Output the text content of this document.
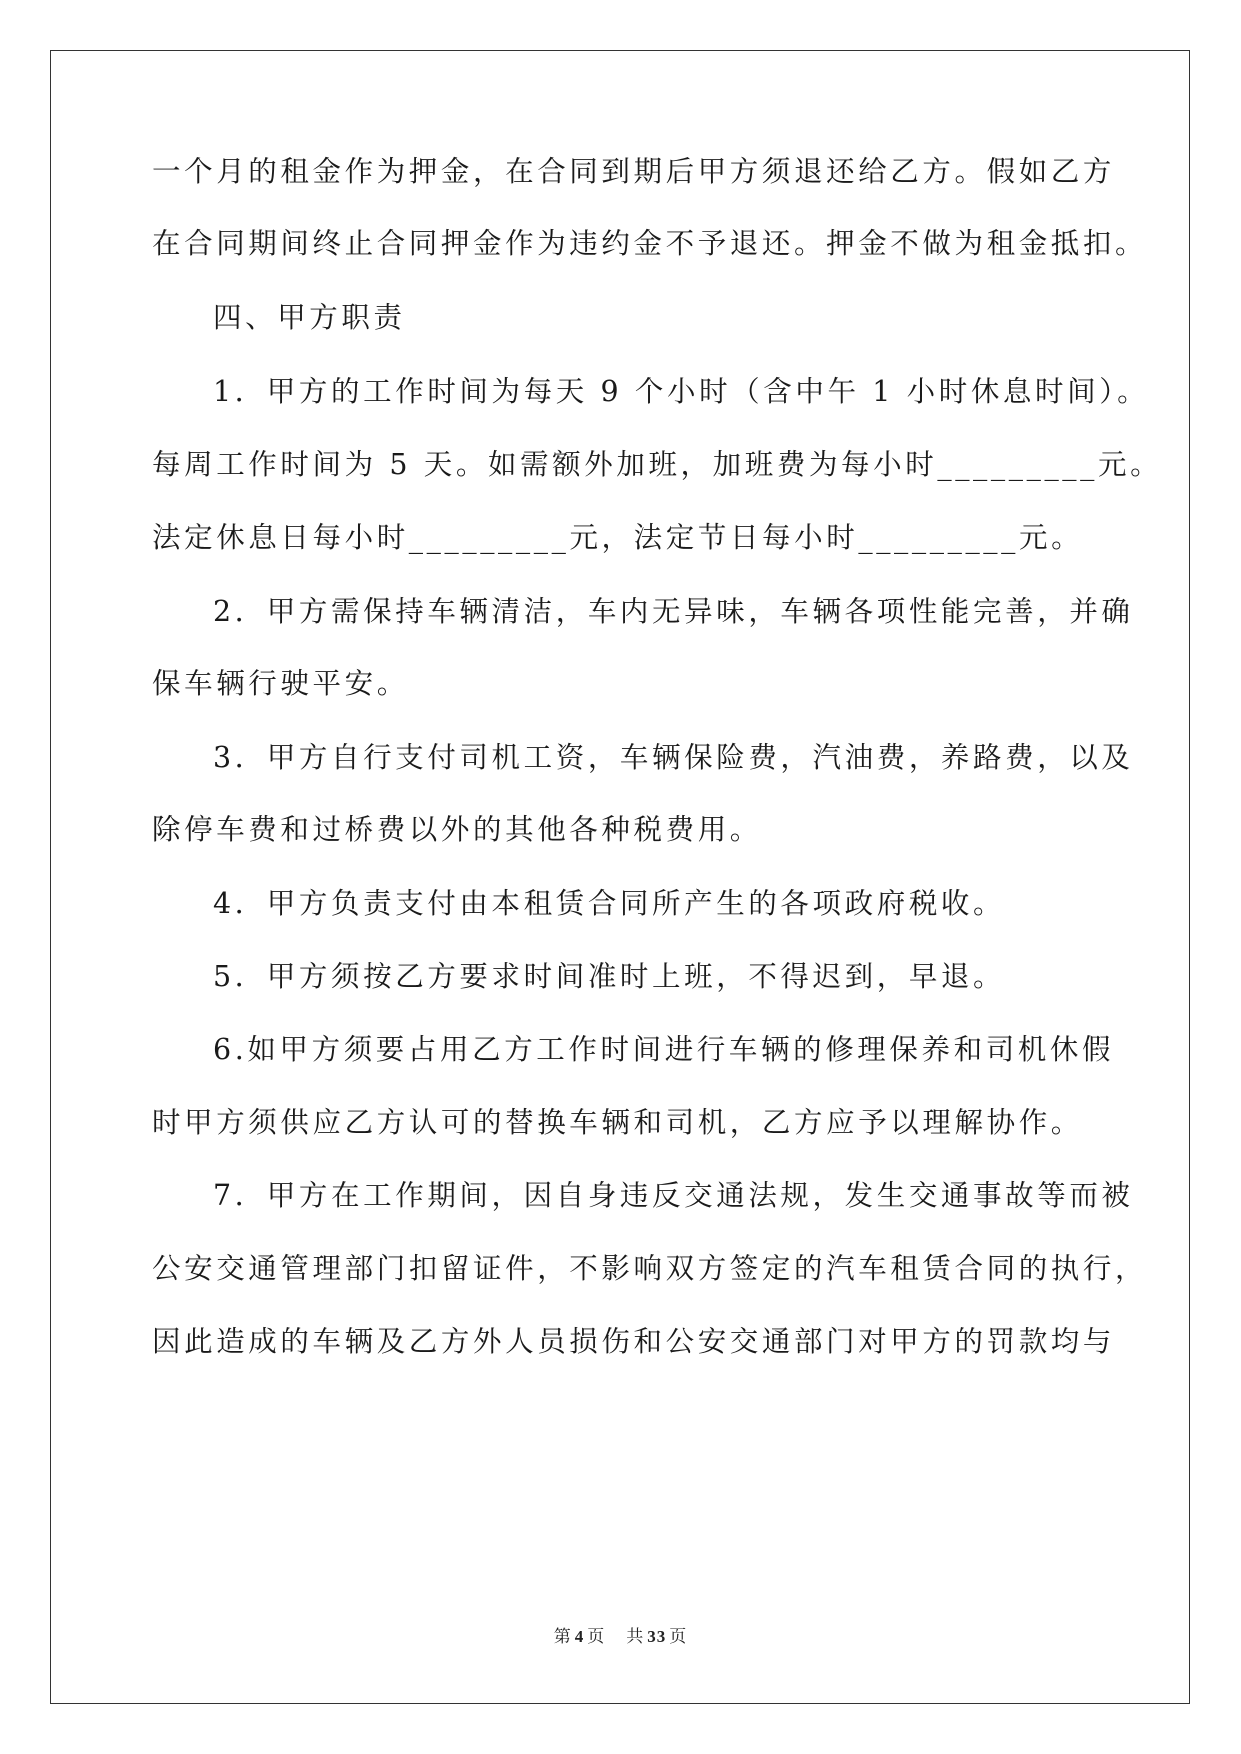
一个月的租金作为押金，在合同到期后甲方须退还给乙方。假如乙方
在合同期间终止合同押金作为违约金不予退还。押金不做为租金抵扣。
四、甲方职责
1．甲方的工作时间为每天 9 个小时（含中午 1 小时休息时间）。
每周工作时间为 5 天。如需额外加班，加班费为每小时_________元。
法定休息日每小时_________元，法定节日每小时_________元。
2．甲方需保持车辆清洁，车内无异味，车辆各项性能完善，并确
保车辆行驶平安。
3．甲方自行支付司机工资，车辆保险费，汽油费，养路费，以及
除停车费和过桥费以外的其他各种税费用。
4．甲方负责支付由本租赁合同所产生的各项政府税收。
5．甲方须按乙方要求时间准时上班，不得迟到，早退。
6.如甲方须要占用乙方工作时间进行车辆的修理保养和司机休假
时甲方须供应乙方认可的替换车辆和司机，乙方应予以理解协作。
7．甲方在工作期间，因自身违反交通法规，发生交通事故等而被
公安交通管理部门扣留证件，不影响双方签定的汽车租赁合同的执行，
因此造成的车辆及乙方外人员损伤和公安交通部门对甲方的罚款均与
第 4 页 共 33 页
